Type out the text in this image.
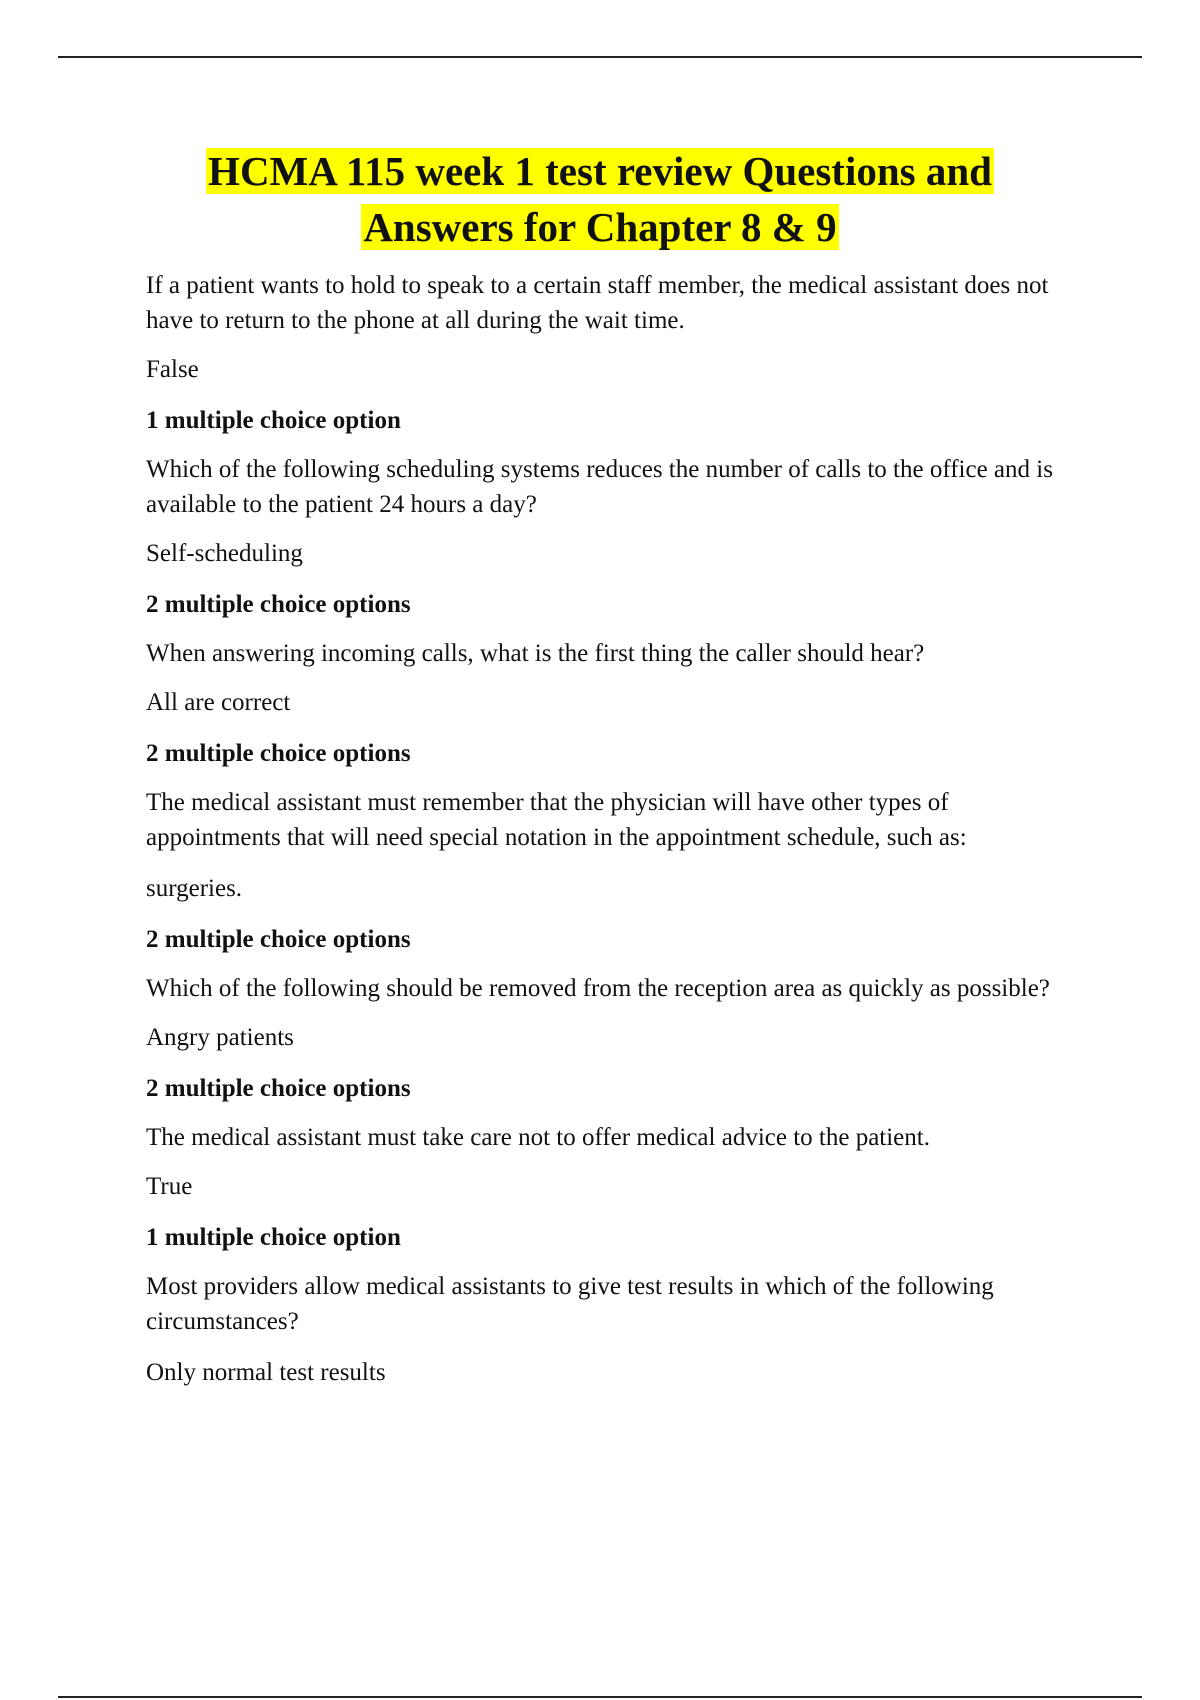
HCMA 115 week 1 test review Questions and
Answers for Chapter 8 & 9

If a patient wants to hold to speak to a certain staff member, the medical assistant does not have to return to the phone at all during the wait time.

False

1 multiple choice option

Which of the following scheduling systems reduces the number of calls to the office and is available to the patient 24 hours a day?

Self-scheduling

2 multiple choice options

When answering incoming calls, what is the first thing the caller should hear?

All are correct

2 multiple choice options

The medical assistant must remember that the physician will have other types of appointments that will need special notation in the appointment schedule, such as:

surgeries.

2 multiple choice options

Which of the following should be removed from the reception area as quickly as possible?

Angry patients

2 multiple choice options

The medical assistant must take care not to offer medical advice to the patient.

True

1 multiple choice option

Most providers allow medical assistants to give test results in which of the following circumstances?

Only normal test results
